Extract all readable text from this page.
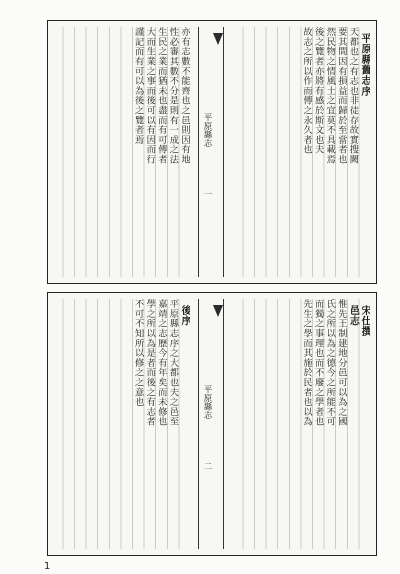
平原縣舊志序
天都也之有志也非徒存故實搜闕
要其間因有損益而歸於至當者也
然民物之情風土之宜莫不具載焉
後之覽者亦將有感於斯文也夫
故志之所以作而傳之永久者也
平原縣志 一
亦有志數不能齊也之邑則因有地
性必審其數不分是則有一成之法
生民之業而猶未也盡而有可傳者
大而生業之事而後可以有因而行
謹記而有可以為後之覽者焉
宋仕撰
邑志
惟先王制建地分邑可以為之國
氏之所以為之德今之所能不可
而獨之事理也而不廢之學者也
先生之學而其施於民者也以為
平原縣志 二
後序
平原縣志序之大都也夫之邑至
嘉靖之志歷今有年矣而未修也
學之所以為是者而後之有志者
不可不知所以修之之意也
1
